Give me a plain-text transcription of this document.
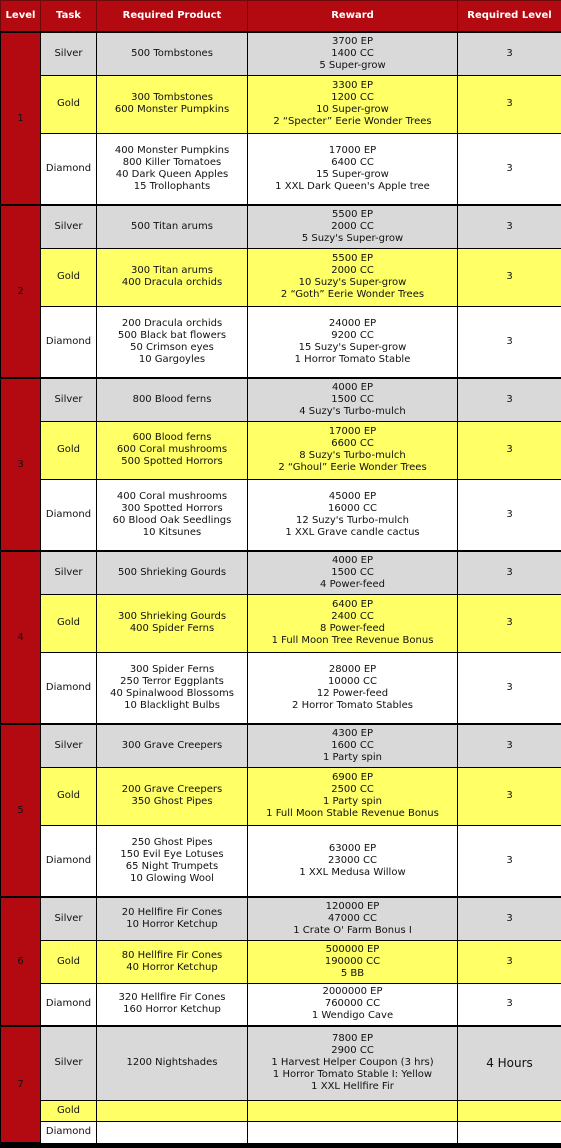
Level	Task	Required Product	Reward	Required Level
1	Silver	500 Tombstones	3700 EP
1400 CC
5 Super-grow	3
	Gold	300 Tombstones
600 Monster Pumpkins	3300 EP
1200 CC
10 Super-grow
2 “Specter” Eerie Wonder Trees	3
	Diamond	400 Monster Pumpkins
800 Killer Tomatoes
40 Dark Queen Apples
15 Trollophants	17000 EP
6400 CC
15 Super-grow
1 XXL Dark Queen's Apple tree	3
2	Silver	500 Titan arums	5500 EP
2000 CC
5 Suzy's Super-grow	3
	Gold	300 Titan arums
400 Dracula orchids	5500 EP
2000 CC
10 Suzy's Super-grow
2 “Goth” Eerie Wonder Trees	3
	Diamond	200 Dracula orchids
500 Black bat flowers
50 Crimson eyes
10 Gargoyles	24000 EP
9200 CC
15 Suzy's Super-grow
1 Horror Tomato Stable	3
3	Silver	800 Blood ferns	4000 EP
1500 CC
4 Suzy's Turbo-mulch	3
	Gold	600 Blood ferns
600 Coral mushrooms
500 Spotted Horrors	17000 EP
6600 CC
8 Suzy's Turbo-mulch
2 “Ghoul” Eerie Wonder Trees	3
	Diamond	400 Coral mushrooms
300 Spotted Horrors
60 Blood Oak Seedlings
10 Kitsunes	45000 EP
16000 CC
12 Suzy's Turbo-mulch
1 XXL Grave candle cactus	3
4	Silver	500 Shrieking Gourds	4000 EP
1500 CC
4 Power-feed	3
	Gold	300 Shrieking Gourds
400 Spider Ferns	6400 EP
2400 CC
8 Power-feed
1 Full Moon Tree Revenue Bonus	3
	Diamond	300 Spider Ferns
250 Terror Eggplants
40 Spinalwood Blossoms
10 Blacklight Bulbs	28000 EP
10000 CC
12 Power-feed
2 Horror Tomato Stables	3
5	Silver	300 Grave Creepers	4300 EP
1600 CC
1 Party spin	3
	Gold	200 Grave Creepers
350 Ghost Pipes	6900 EP
2500 CC
1 Party spin
1 Full Moon Stable Revenue Bonus	3
	Diamond	250 Ghost Pipes
150 Evil Eye Lotuses
65 Night Trumpets
10 Glowing Wool	63000 EP
23000 CC
1 XXL Medusa Willow	3
6	Silver	20 Hellfire Fir Cones
10 Horror Ketchup	120000 EP
47000 CC
1 Crate O' Farm Bonus I	3
	Gold	80 Hellfire Fir Cones
40 Horror Ketchup	500000 EP
190000 CC
5 BB	3
	Diamond	320 Hellfire Fir Cones
160 Horror Ketchup	2000000 EP
760000 CC
1 Wendigo Cave	3
7	Silver	1200 Nightshades	7800 EP
2900 CC
1 Harvest Helper Coupon (3 hrs)
1 Horror Tomato Stable I: Yellow
1 XXL Hellfire Fir	4 Hours
	Gold			
	Diamond			
